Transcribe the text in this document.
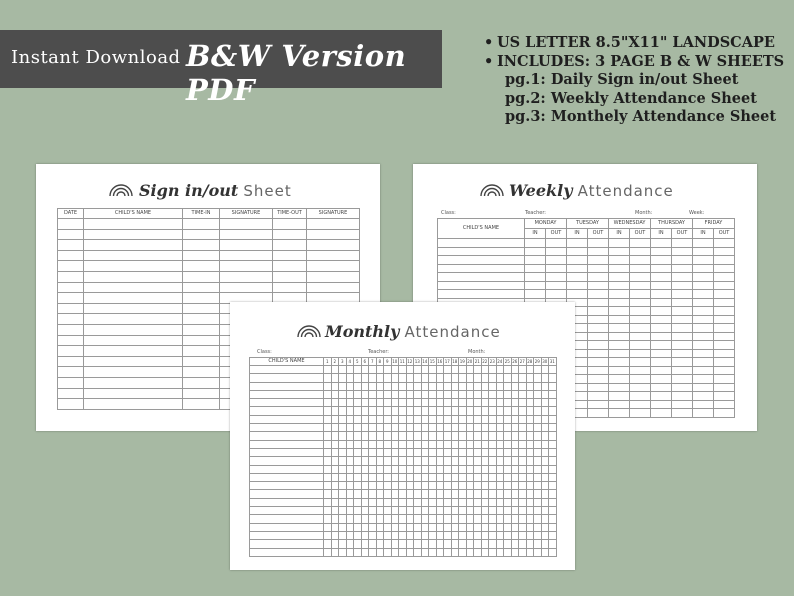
Instant Download B&W Version PDF
• US LETTER 8.5"X11" LANDSCAPE
• INCLUDES: 3 PAGE B & W SHEETS
pg.1: Daily Sign in/out Sheet
pg.2: Weekly Attendance Sheet
pg.3: Monthely Attendance Sheet
Sign in/out Sheet
DATE	CHILD'S NAME	TIME-IN	SIGNATURE	TIME-OUT	SIGNATURE

Weekly Attendance
Class:	Teacher:	Month:	Week:
CHILD'S NAME	MONDAY		TUESDAY		WEDNESDAY		THURSDAY		FRIDAY	
	IN	OUT	IN	OUT	IN	OUT	IN	OUT	IN	OUT

Monthly Attendance
Class:	Teacher:	Month:
CHILD'S NAME	1	2	3	4	5	6	7	8	9	10	11	12	13	14	15	16	17	18	19	20	21	22	23	24	25	26	27	28	29	30	31
